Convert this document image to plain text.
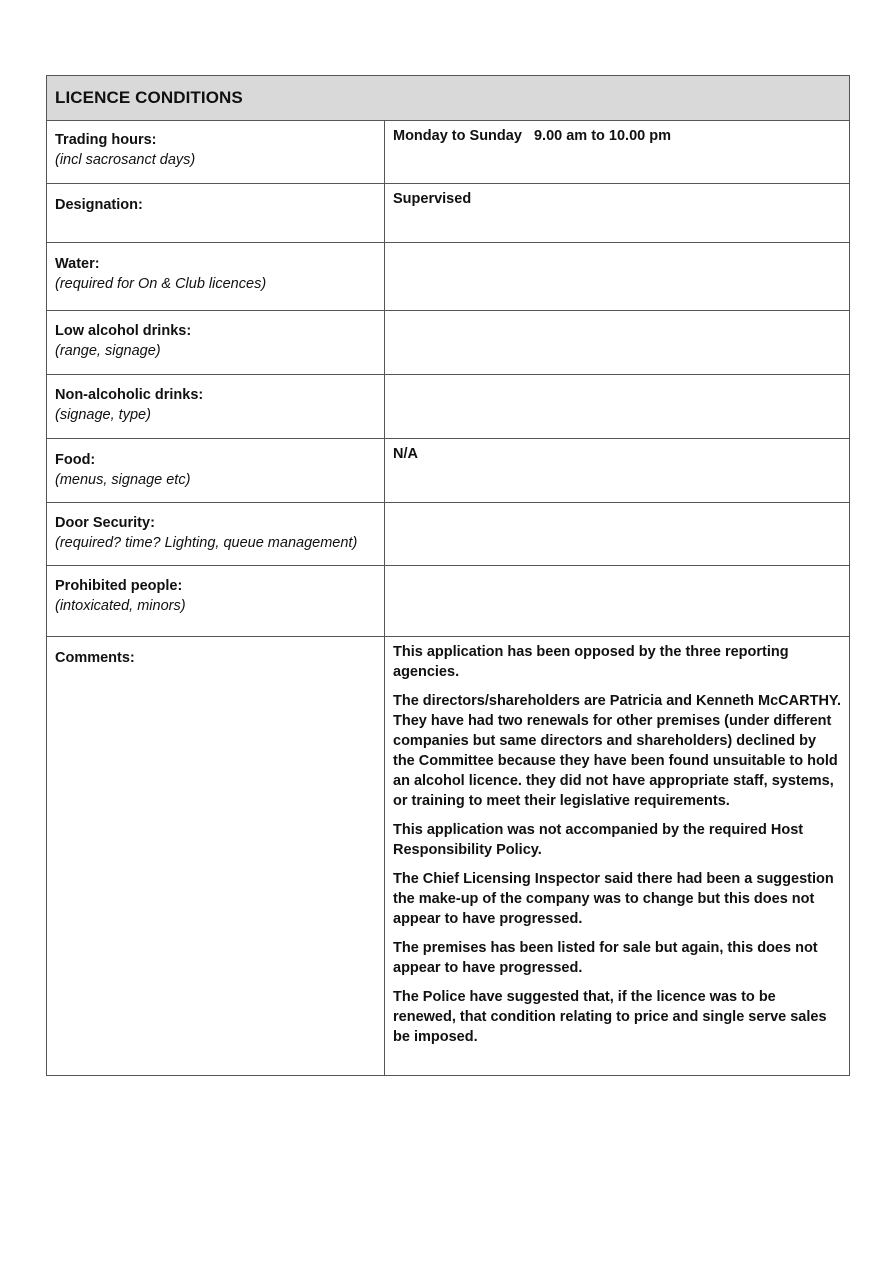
LICENCE CONDITIONS
Trading hours:
(incl sacrosanct days)
Monday to Sunday   9.00 am to 10.00 pm
Designation:	Supervised
Water:
(required for On & Club licences)
Low alcohol drinks:
(range, signage)
Non-alcoholic drinks:
(signage, type)
Food:
(menus, signage etc)
N/A
Door Security:
(required? time? Lighting, queue management)
Prohibited people:
(intoxicated, minors)
Comments:	This application has been opposed by the three reporting agencies.

The directors/shareholders are Patricia and Kenneth McCARTHY. They have had two renewals for other premises (under different companies but same directors and shareholders) declined by the Committee because they have been found unsuitable to hold an alcohol licence. they did not have appropriate staff, systems, or training to meet their legislative requirements.

This application was not accompanied by the required Host Responsibility Policy.

The Chief Licensing Inspector said there had been a suggestion the make-up of the company was to change but this does not appear to have progressed.

The premises has been listed for sale but again, this does not appear to have progressed.

The Police have suggested that, if the licence was to be renewed, that condition relating to price and single serve sales be imposed.
